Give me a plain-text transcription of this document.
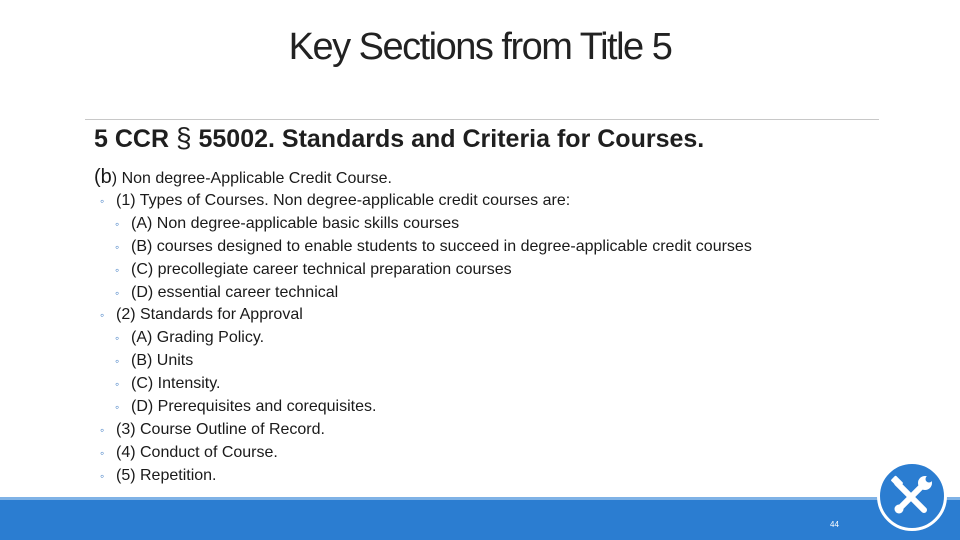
Key Sections from Title 5
5 CCR § 55002. Standards and Criteria for Courses.
(b) Non degree-Applicable Credit Course.
◦ (1) Types of Courses. Non degree-applicable credit courses are:
◦ (A) Non degree-applicable basic skills courses
◦ (B) courses designed to enable students to succeed in degree-applicable credit courses
◦ (C) precollegiate career technical preparation courses
◦ (D) essential career technical
◦ (2) Standards for Approval
◦ (A) Grading Policy.
◦ (B) Units
◦ (C) Intensity.
◦ (D) Prerequisites and corequisites.
◦ (3) Course Outline of Record.
◦ (4) Conduct of Course.
◦ (5) Repetition.
44
